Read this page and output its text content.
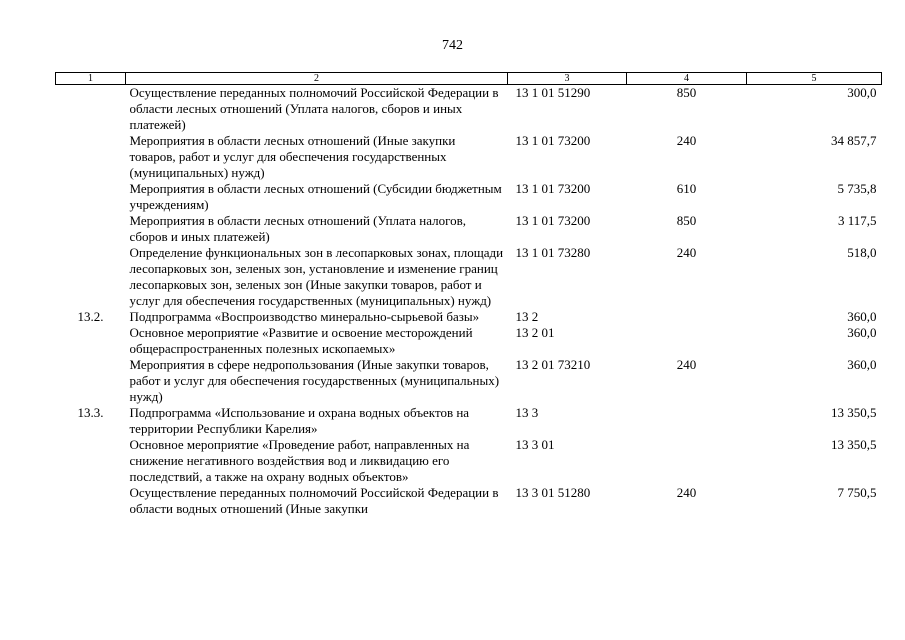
742
1	2	3	4	5
	Осуществление переданных полномочий Российской Федерации в области лесных отношений (Уплата налогов, сборов и иных платежей)	13 1 01 51290	850	300,0
	Мероприятия в области лесных отношений (Иные закупки товаров, работ и услуг для обеспечения государственных (муниципальных) нужд)	13 1 01 73200	240	34 857,7
	Мероприятия в области лесных отношений (Субсидии бюджетным учреждениям)	13 1 01 73200	610	5 735,8
	Мероприятия в области лесных отношений (Уплата налогов, сборов и иных платежей)	13 1 01 73200	850	3 117,5
	Определение функциональных зон в лесопарковых зонах, площади лесопарковых зон, зеленых зон, установление и изменение границ лесопарковых зон, зеленых зон (Иные закупки товаров, работ и услуг для обеспечения государственных (муниципальных) нужд)	13 1 01 73280	240	518,0
13.2.	Подпрограмма «Воспроизводство минерально-сырьевой базы»	13 2		360,0
	Основное мероприятие «Развитие и освоение месторождений общераспространенных полезных ископаемых»	13 2 01		360,0
	Мероприятия в сфере недропользования (Иные закупки товаров, работ и услуг для обеспечения государственных (муниципальных) нужд)	13 2 01 73210	240	360,0
13.3.	Подпрограмма «Использование и охрана водных объектов на территории Республики Карелия»	13 3		13 350,5
	Основное мероприятие «Проведение работ, направленных на снижение негативного воздействия вод и ликвидацию его последствий, а также на охрану водных объектов»	13 3 01		13 350,5
	Осуществление переданных полномочий Российской Федерации в области водных отношений (Иные закупки	13 3 01 51280	240	7 750,5
